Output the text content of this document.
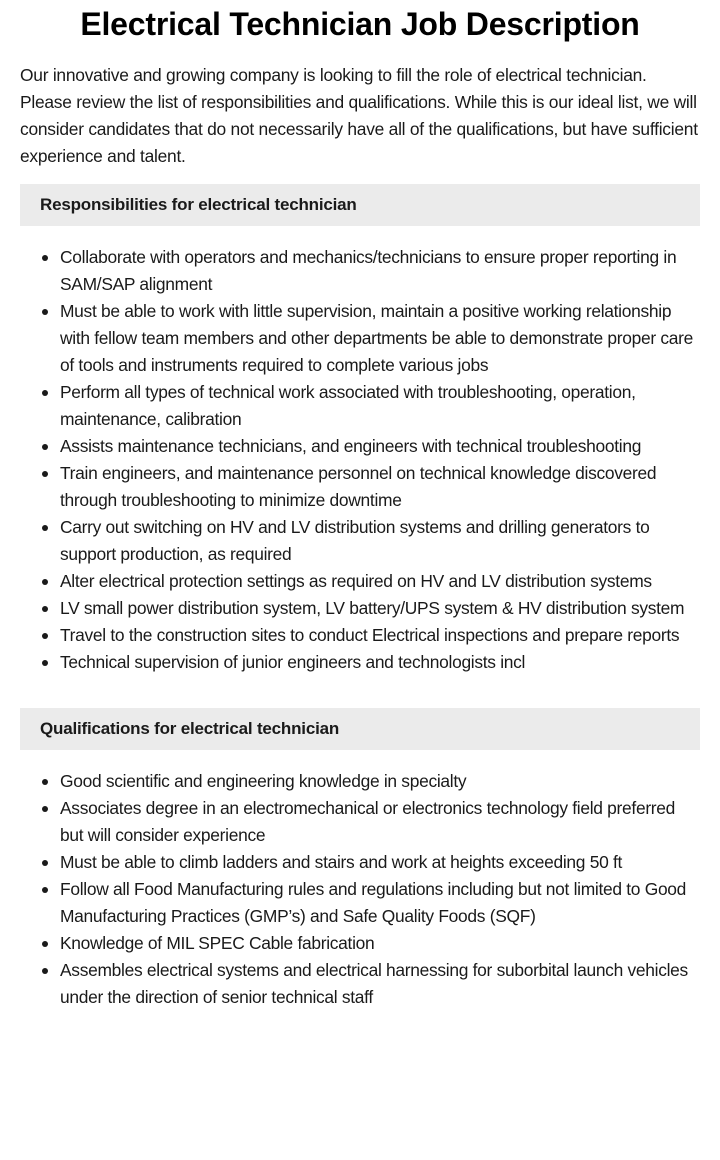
Electrical Technician Job Description

Our innovative and growing company is looking to fill the role of electrical technician. Please review the list of responsibilities and qualifications. While this is our ideal list, we will consider candidates that do not necessarily have all of the qualifications, but have sufficient experience and talent.

Responsibilities for electrical technician
Collaborate with operators and mechanics/technicians to ensure proper reporting in SAM/SAP alignment
Must be able to work with little supervision, maintain a positive working relationship with fellow team members and other departments be able to demonstrate proper care of tools and instruments required to complete various jobs
Perform all types of technical work associated with troubleshooting, operation, maintenance, calibration
Assists maintenance technicians, and engineers with technical troubleshooting
Train engineers, and maintenance personnel on technical knowledge discovered through troubleshooting to minimize downtime
Carry out switching on HV and LV distribution systems and drilling generators to support production, as required
Alter electrical protection settings as required on HV and LV distribution systems
LV small power distribution system, LV battery/UPS system & HV distribution system
Travel to the construction sites to conduct Electrical inspections and prepare reports
Technical supervision of junior engineers and technologists incl
Qualifications for electrical technician
Good scientific and engineering knowledge in specialty
Associates degree in an electromechanical or electronics technology field preferred but will consider experience
Must be able to climb ladders and stairs and work at heights exceeding 50 ft
Follow all Food Manufacturing rules and regulations including but not limited to Good Manufacturing Practices (GMP’s) and Safe Quality Foods (SQF)
Knowledge of MIL SPEC Cable fabrication
Assembles electrical systems and electrical harnessing for suborbital launch vehicles under the direction of senior technical staff
